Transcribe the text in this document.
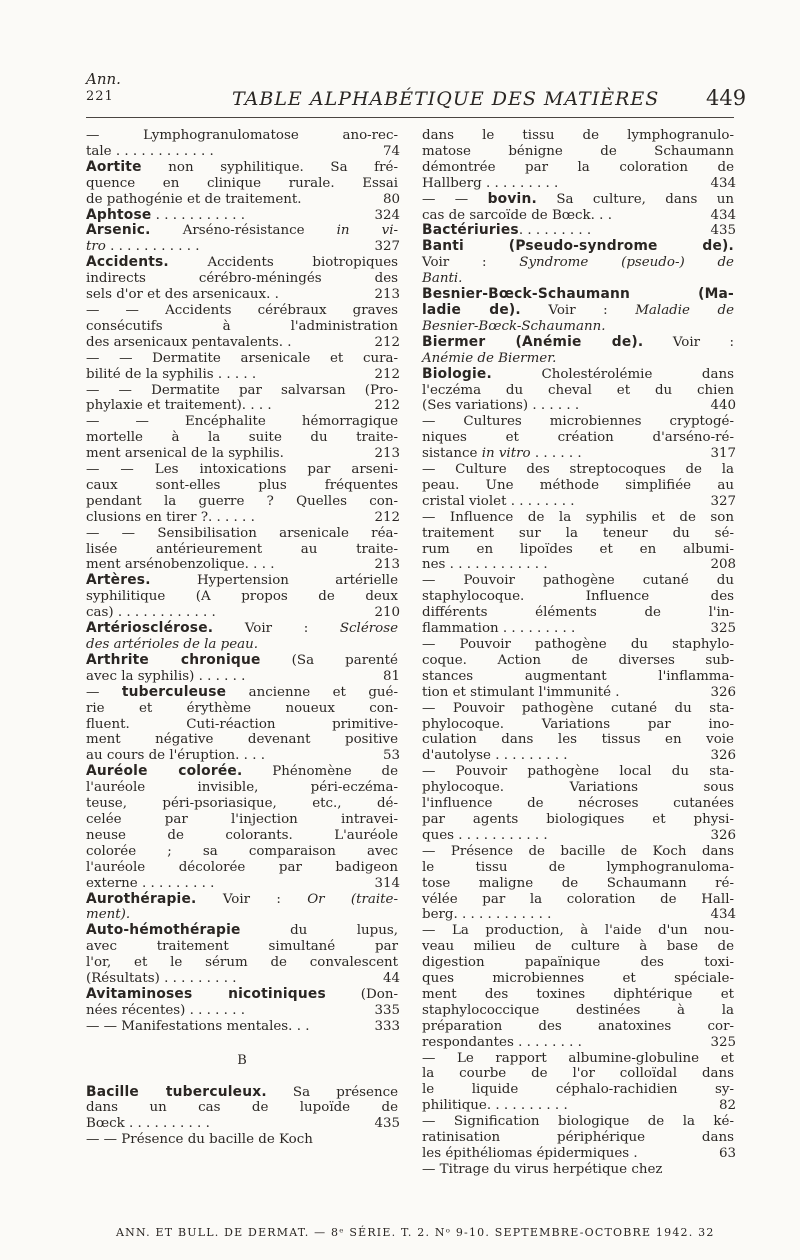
Ann.
221	TABLE ALPHABÉTIQUE DES MATIÈRES 449
— Lymphogranulomatose ano-rec-
74
tale . . . . . . . . . . . .
Aortite non syphilitique. Sa fré-
quence en clinique rurale. Essai
80
de pathogénie et de traitement.
324
Aphtose . . . . . . . . . . .
Arsenic. Arséno-résistance in vi-
327
tro . . . . . . . . . . .
Accidents. Accidents biotropiques
indirects cérébro-méningés des
213
sels d'or et des arsenicaux. .
— — Accidents cérébraux graves
consécutifs à l'administration
212
des arsenicaux pentavalents. .
— — Dermatite arsenicale et cura-
212
bilité de la syphilis . . . . .
— — Dermatite par salvarsan (Pro-
212
phylaxie et traitement). . . .
— — Encéphalite hémorragique
mortelle à la suite du traite-
213
ment arsenical de la syphilis.
— — Les intoxications par arseni-
caux sont-elles plus fréquentes
pendant la guerre ? Quelles con-
212
clusions en tirer ?. . . . . .
— — Sensibilisation arsenicale réa-
lisée antérieurement au traite-
213
ment arsénobenzolique. . . .
Artères. Hypertension artérielle
syphilitique (A propos de deux
210
cas) . . . . . . . . . . . .
Artériosclérose. Voir : Sclérose
des artérioles de la peau.
Arthrite chronique (Sa parenté
81
avec la syphilis) . . . . . .
— tuberculeuse ancienne et gué-
rie et érythème noueux con-
fluent. Cuti-réaction primitive-
ment négative devenant positive
53
au cours de l'éruption. . . .
Auréole colorée. Phénomène de
l'auréole invisible, péri-eczéma-
teuse, péri-psoriasique, etc., dé-
celée par l'injection intravei-
neuse de colorants. L'auréole
colorée ; sa comparaison avec
l'auréole décolorée par badigeon
314
externe . . . . . . . . .
Aurothérapie. Voir : Or (traite-
ment).
Auto-hémothérapie du lupus,
avec traitement simultané par
l'or, et le sérum de convalescent
44
(Résultats) . . . . . . . . .
Avitaminoses nicotiniques (Don-
335
nées récentes) . . . . . . .
333
— — Manifestations mentales. . .
B
Bacille tuberculeux. Sa présence
dans un cas de lupoïde de
435
Bœck . . . . . . . . . .
— — Présence du bacille de Koch
dans le tissu de lymphogranulo-
matose bénigne de Schaumann
démontrée par la coloration de
434
Hallberg . . . . . . . . .
— — bovin. Sa culture, dans un
434
cas de sarcoïde de Bœck. . .
435
Bactériuries. . . . . . . . .
Banti (Pseudo-syndrome de).
Voir : Syndrome (pseudo-) de
Banti.
Besnier-Bœck-Schaumann (Ma-
ladie de). Voir : Maladie de
Besnier-Bœck-Schaumann.
Biermer (Anémie de). Voir :
Anémie de Biermer.
Biologie. Cholestérolémie dans
l'eczéma du cheval et du chien
440
(Ses variations) . . . . . .
— Cultures microbiennes cryptogé-
niques et création d'arséno-ré-
317
sistance in vitro . . . . . .
— Culture des streptocoques de la
peau. Une méthode simplifiée au
327
cristal violet . . . . . . . .
— Influence de la syphilis et de son
traitement sur la teneur du sé-
rum en lipoïdes et en albumi-
208
nes . . . . . . . . . . . .
— Pouvoir pathogène cutané du
staphylocoque. Influence des
différents éléments de l'in-
325
flammation . . . . . . . . .
— Pouvoir pathogène du staphylo-
coque. Action de diverses sub-
stances augmentant l'inflamma-
326
tion et stimulant l'immunité .
— Pouvoir pathogène cutané du sta-
phylocoque. Variations par ino-
culation dans les tissus en voie
326
d'autolyse . . . . . . . . .
— Pouvoir pathogène local du sta-
phylocoque. Variations sous
l'influence de nécroses cutanées
par agents biologiques et physi-
326
ques . . . . . . . . . . .
— Présence de bacille de Koch dans
le tissu de lymphogranuloma-
tose maligne de Schaumann ré-
vélée par la coloration de Hall-
434
berg. . . . . . . . . . . .
— La production, à l'aide d'un nou-
veau milieu de culture à base de
digestion papaïnique des toxi-
ques microbiennes et spéciale-
ment des toxines diphtérique et
staphylococcique destinées à la
préparation des anatoxines cor-
325
respondantes . . . . . . . .
— Le rapport albumine-globuline et
la courbe de l'or colloïdal dans
le liquide céphalo-rachidien sy-
82
philitique. . . . . . . . . .
— Signification biologique de la ké-
ratinisation périphérique dans
63
les épithéliomas épidermiques .
— Titrage du virus herpétique chez
ANN. ET BULL. DE DERMAT. — 8ᵉ SÉRIE. T. 2. Nᵒ 9-10. SEPTEMBRE-OCTOBRE 1942. 32
